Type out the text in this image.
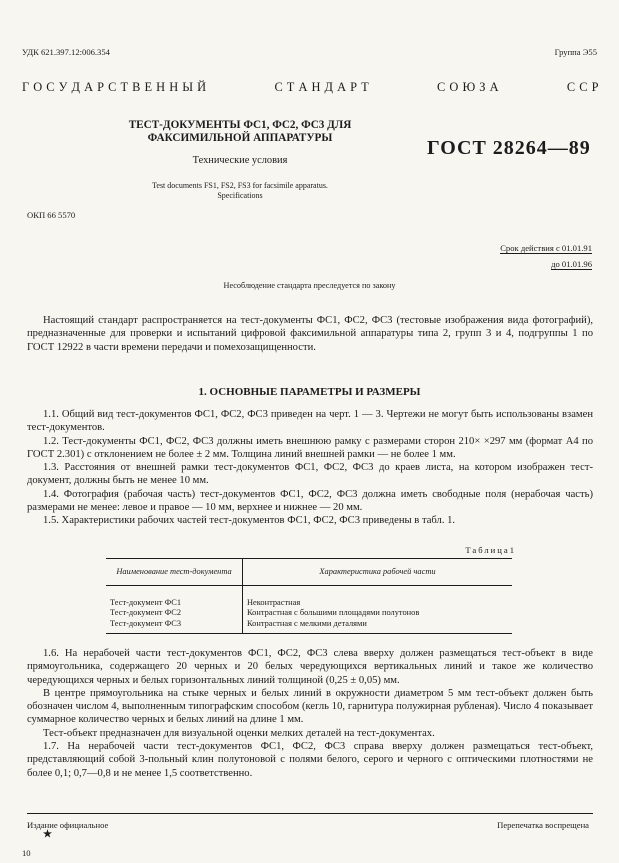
УДК 621.397.12:006.354	Группа Э55
Г О С У Д А Р С Т В Е Н Н Ы Й	С Т А Н Д А Р Т	С О Ю З А	С С Р
ТЕСТ-ДОКУМЕНТЫ ФС1, ФС2, ФС3 ДЛЯ
ФАКСИМИЛЬНОЙ АППАРАТУРЫ
Технические условия
Test documents FS1, FS2, FS3 for facsimile apparatus.
Specifications
ГОСТ 28264—89
ОКП 66 5570
Срок действия с 01.01.91
до 01.01.96
Несоблюдение стандарта преследуется по закону

Настоящий стандарт распространяется на тест-документы ФС1, ФС2, ФС3 (тестовые изображения вида фотографий), предназначенные для проверки и испытаний цифровой факсимильной аппаратуры типа 2, групп 3 и 4, подгруппы 1 по ГОСТ 12922 в части времени передачи и помехозащищенности.

1. ОСНОВНЫЕ ПАРАМЕТРЫ И РАЗМЕРЫ

1.1. Общий вид тест-документов ФС1, ФС2, ФС3 приведен на черт. 1 — 3. Чертежи не могут быть использованы взамен тест-документов.

1.2. Тест-документы ФС1, ФС2, ФС3 должны иметь внешнюю рамку с размерами сторон 210× ×297 мм (формат А4 по ГОСТ 2.301) с отклонением не более ± 2 мм. Толщина линий внешней рамки — не более 1 мм.

1.3. Расстояния от внешней рамки тест-документов ФС1, ФС2, ФС3 до краев листа, на котором изображен тест-документ, должны быть не менее 10 мм.

1.4. Фотография (рабочая часть) тест-документов ФС1, ФС2, ФС3 должна иметь свободные поля (нерабочая часть) размерами не менее: левое и правое — 10 мм, верхнее и нижнее — 20 мм.

1.5. Характеристики рабочих частей тест-документов ФС1, ФС2, ФС3 приведены в табл. 1.

Таблица1
Наименование тест-документа	Характеристика рабочей части
Тест-документ ФС1	Неконтрастная
Тест-документ ФС2	Контрастная с большими площадями полутонов
Тест-документ ФС3	Контрастная с мелкими деталями

1.6. На нерабочей части тест-документов ФС1, ФС2, ФС3 слева вверху должен размещаться тест-объект в виде прямоугольника, содержащего 20 черных и 20 белых чередующихся вертикальных линий и такое же количество чередующихся черных и белых горизонтальных линий толщиной (0,25 ± 0,05) мм.

В центре прямоугольника на стыке черных и белых линий в окружности диаметром 5 мм тест-объект должен быть обозначен числом 4, выполненным типографским способом (кегль 10, гарнитура полужирная рубленая). Число 4 показывает суммарное количество черных и белых линий на длине 1 мм.

Тест-объект предназначен для визуальной оценки мелких деталей на тест-документах.

1.7. На нерабочей части тест-документов ФС1, ФС2, ФС3 справа вверху должен размещаться тест-объект, представляющий собой 3-польный клин полутоновой с полями белого, серого и черного с оптическими плотностями не более 0,1; 0,7—0,8 и не менее 1,5 соответственно.

Издание официальное
★
Перепечатка воспрещена
10
